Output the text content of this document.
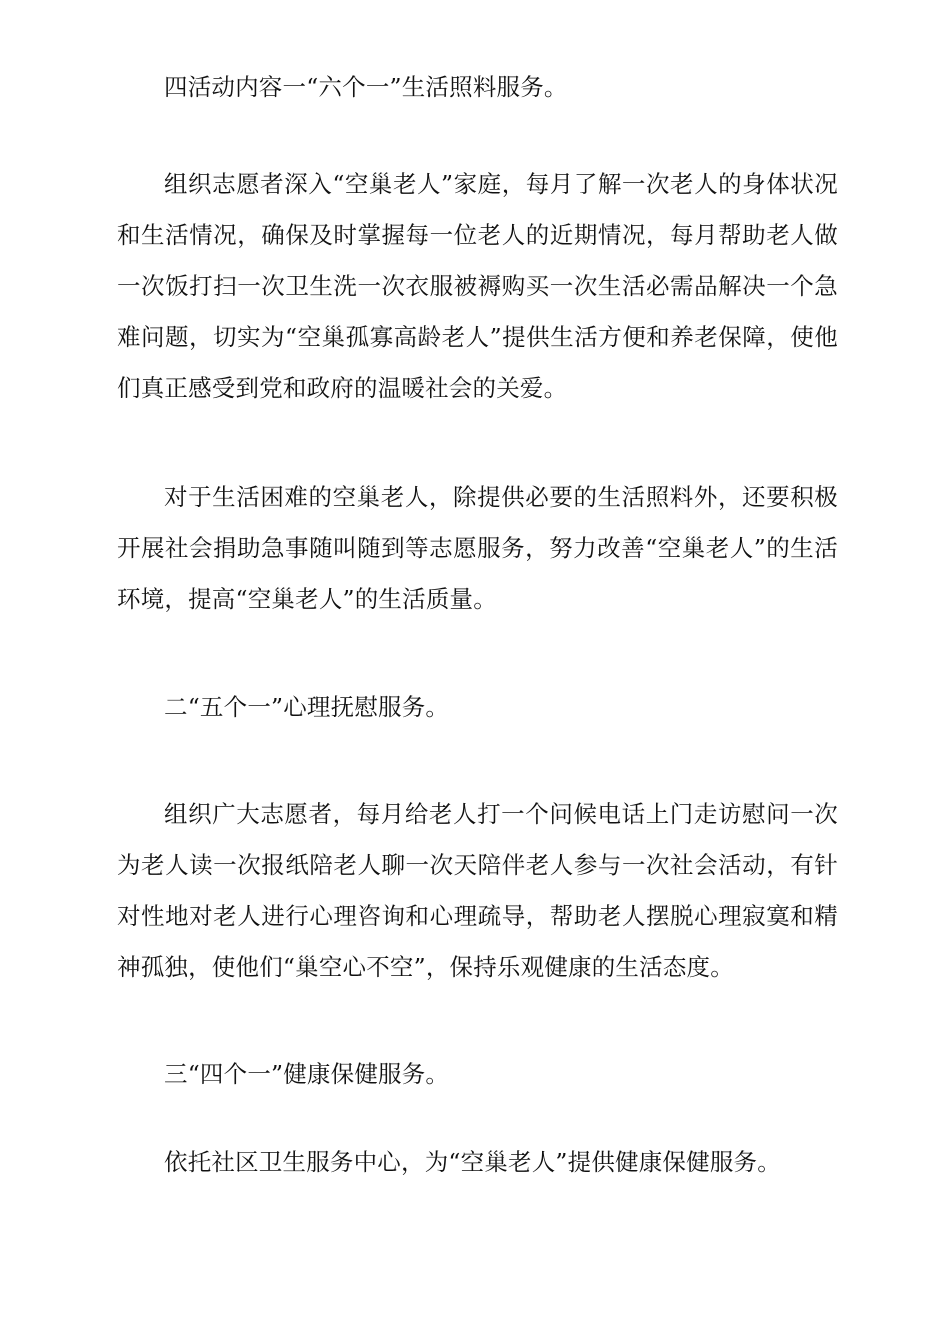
四活动内容一“六个一”生活照料服务。

组织志愿者深入“空巢老人”家庭，每月了解一次老人的身体状况和生活情况，确保及时掌握每一位老人的近期情况，每月帮助老人做一次饭打扫一次卫生洗一次衣服被褥购买一次生活必需品解决一个急难问题，切实为“空巢孤寡高龄老人”提供生活方便和养老保障，使他们真正感受到党和政府的温暖社会的关爱。

对于生活困难的空巢老人，除提供必要的生活照料外，还要积极开展社会捐助急事随叫随到等志愿服务，努力改善“空巢老人”的生活环境，提高“空巢老人”的生活质量。

二“五个一”心理抚慰服务。

组织广大志愿者，每月给老人打一个问候电话上门走访慰问一次为老人读一次报纸陪老人聊一次天陪伴老人参与一次社会活动，有针对性地对老人进行心理咨询和心理疏导，帮助老人摆脱心理寂寞和精神孤独，使他们“巢空心不空”，保持乐观健康的生活态度。

三“四个一”健康保健服务。

依托社区卫生服务中心，为“空巢老人”提供健康保健服务。
